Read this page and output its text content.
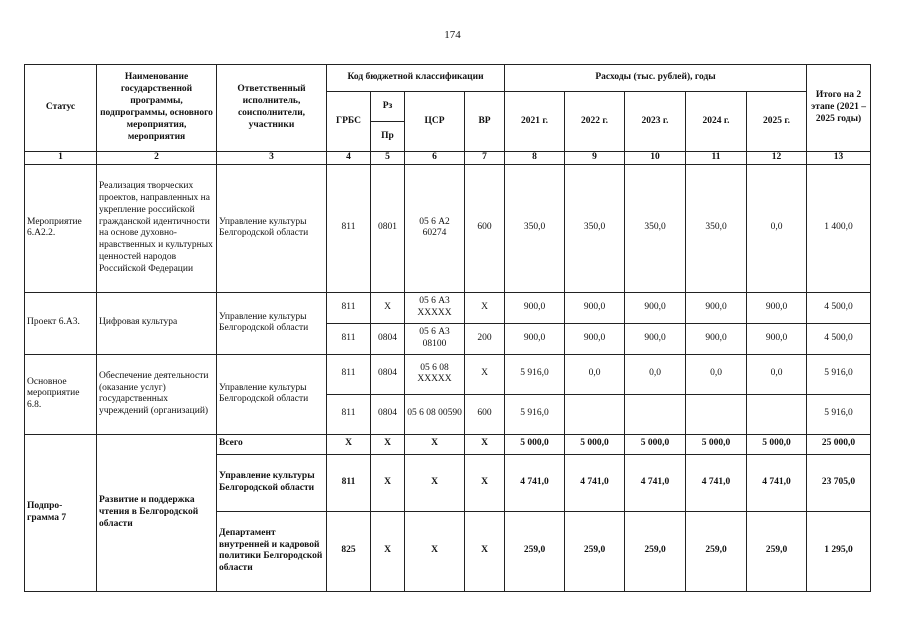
174
Статус	Наименование государственной программы, подпрограммы, основного мероприятия, мероприятия	Ответственный исполнитель, соисполнители, участники	Код бюджетной классификации				Расходы (тыс. рублей), годы					Итого на 2 этапе (2021 – 2025 годы)
			ГРБС	Рз	ЦСР	ВР	2021 г.	2022 г.	2023 г.	2024 г.	2025 г.	
				Пр								
1	2	3	4	5	6	7	8	9	10	11	12	13
Мероприятие 6.А2.2.	Реализация творческих проектов, направленных на укрепление российской гражданской идентичности на основе духовно-нравственных и культурных ценностей народов Российской Федерации	Управление культуры Белгородской области	811	0801	05 6 А2 60274	600	350,0	350,0	350,0	350,0	0,0	1 400,0
Проект 6.А3.	Цифровая культура	Управление культуры Белгородской области	811	Х	05 6 А3 ХХХХХ	Х	900,0	900,0	900,0	900,0	900,0	4 500,0
			811	0804	05 6 А3 08100	200	900,0	900,0	900,0	900,0	900,0	4 500,0
Основное мероприятие 6.8.	Обеспечение деятельности (оказание услуг) государственных учреждений (организаций)	Управление культуры Белгородской области	811	0804	05 6 08 ХХХХХ	Х	5 916,0	0,0	0,0	0,0	0,0	5 916,0
			811	0804	05 6 08 00590	600	5 916,0					5 916,0
Подпро-грамма 7	Развитие и поддержка чтения в Белгородской области	Всего	Х	Х	Х	Х	5 000,0	5 000,0	5 000,0	5 000,0	5 000,0	25 000,0
		Управление культуры Белгородской области	811	Х	Х	Х	4 741,0	4 741,0	4 741,0	4 741,0	4 741,0	23 705,0
		Департамент внутренней и кадровой политики Белгородской области	825	Х	Х	Х	259,0	259,0	259,0	259,0	259,0	1 295,0
